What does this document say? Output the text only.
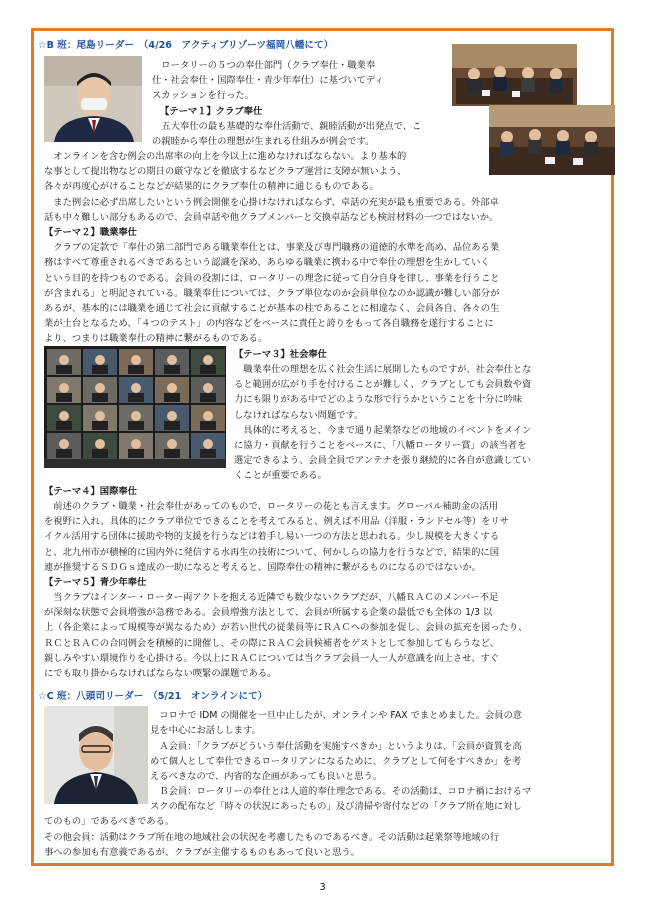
☆B 班：尾島リーダー　（4/26　アクティブリゾーツ福岡八幡にて）
　ロータリーの５つの奉仕部門（クラブ奉仕・職業奉
仕・社会奉仕・国際奉仕・青少年奉仕）に基づいてディ
スカッションを行った。
【テーマ１】クラブ奉仕
　五大奉仕の最も基礎的な奉仕活動で、親睦活動が出発点で、こ
の親睦から奉仕の理想が生まれる仕組みが例会です。
　オンラインを含む例会の出席率の向上を今以上に進めなければならない。より基本的
な事として提出物などの期日の厳守などを徹底するなどクラブ運営に支障が無いよう、
各々が再度心がけることなどが結果的にクラブ奉仕の精神に通じるものである。
　また例会に必ず出席したいという例会開催を心掛けなければならず、卓話の充実が最も重要である。外部卓
話も中々難しい部分もあるので、会員卓話や他クラブメンバーと交換卓話なども検討材料の一つではないか。
【テーマ２】職業奉仕
　クラブの定款で「奉仕の第二部門である職業奉仕とは、事業及び専門職務の道徳的水準を高め、品位ある業
務はすべて尊重されるべきであるという認識を深め、あらゆる職業に携わる中で奉仕の理想を生かしていく
という目的を持つものである。会員の役割には、ロータリーの理念に従って自分自身を律し、事業を行うこと
が含まれる」と明記されている。職業奉仕については、クラブ単位なのか会員単位なのか認識が難しい部分が
あるが、基本的には職業を通じて社会に貢献することが基本の柱であることに相違なく、会員各自、各々の生
業が土台となるため、「４つのテスト」の内容などをベースに責任と誇りをもって各自職務を遂行することに
より、つまりは職業奉仕の精神に繋がるものである。
【テーマ３】社会奉仕
　職業奉仕の理想を広く社会生活に展開したものですが、社会奉仕とな
ると範囲が広がり手を付けることが難しく、クラブとしても会員数や資
力にも限りがある中でどのような形で行うかということを十分に吟味
しなければならない問題です。
　具体的に考えると、今まで通り起業祭などの地域のイベントをメイン
に協力・貢献を行うことをベースに、「八幡ロータリー賞」の該当者を
選定できるよう、会員全員でアンテナを張り継続的に各自が意識してい
くことが重要である。
【テーマ４】国際奉仕
　前述のクラブ・職業・社会奉仕があってのもので、ロータリーの花とも言えます。グローバル補助金の活用
を視野に入れ、具体的にクラブ単位でできることを考えてみると、例えば不用品（洋服・ランドセル等）をリサ
イクル活用する団体に援助や物的支援を行うなどは着手し易い一つの方法と思われる。少し規模を大きくする
と、北九州市が積極的に国内外に発信する水再生の技術について、何かしらの協力を行うなどで、結果的に国
連が推奨するＳＤＧｓ達成の一助になると考えると、国際奉仕の精神に繋がるものになるのではないか。
【テーマ５】青少年奉仕
　当クラブはインター・ローター両アクトを抱える近隣でも数少ないクラブだが、八幡ＲＡＣのメンバー不足
が深刻な状態で会員増強が急務である。会員増強方法として、会員が所属する企業の最低でも全体の 1/3 以
上（各企業によって規模等が異なるため）が若い世代の従業員等にＲＡＣへの参加を促し、会員の拡充を図ったり、
ＲＣとＲＡＣの合同例会を積極的に開催し、その際にＲＡＣ会員候補者をゲストとして参加してもらうなど、
親しみやすい環境作りを心掛ける。今以上にＲＡＣについては当クラブ会員一人一人が意識を向上させ、すぐ
にでも取り掛からなければならない喫緊の課題である。
☆C 班：八頭司リーダー　（5/21　オンラインにて）
　コロナで IDM の開催を一旦中止したが、オンラインや FAX でまとめました。会員の意
見を中心にお話しします。
　Ａ会員：「クラブがどういう奉仕活動を実施すべきか」というよりは、「会員が資質を高
めて個人として奉仕できるロータリアンになるために、クラブとして何をすべきか」を考
えるべきなので、内省的な企画があっても良いと思う。
　Ｂ会員：ロータリーの奉仕とは人道的奉仕理念である。その活動は、コロナ禍におけるマ
スクの配布など「時々の状況にあったもの」及び清掃や寄付などの「クラブ所在地に対し
てのもの」であるべきである。
その他会員：活動はクラブ所在地の地域社会の状況を考慮したものであるべき。その活動は起業祭等地域の行
事への参加も有意義であるが、クラブが主催するものもあって良いと思う。
3
